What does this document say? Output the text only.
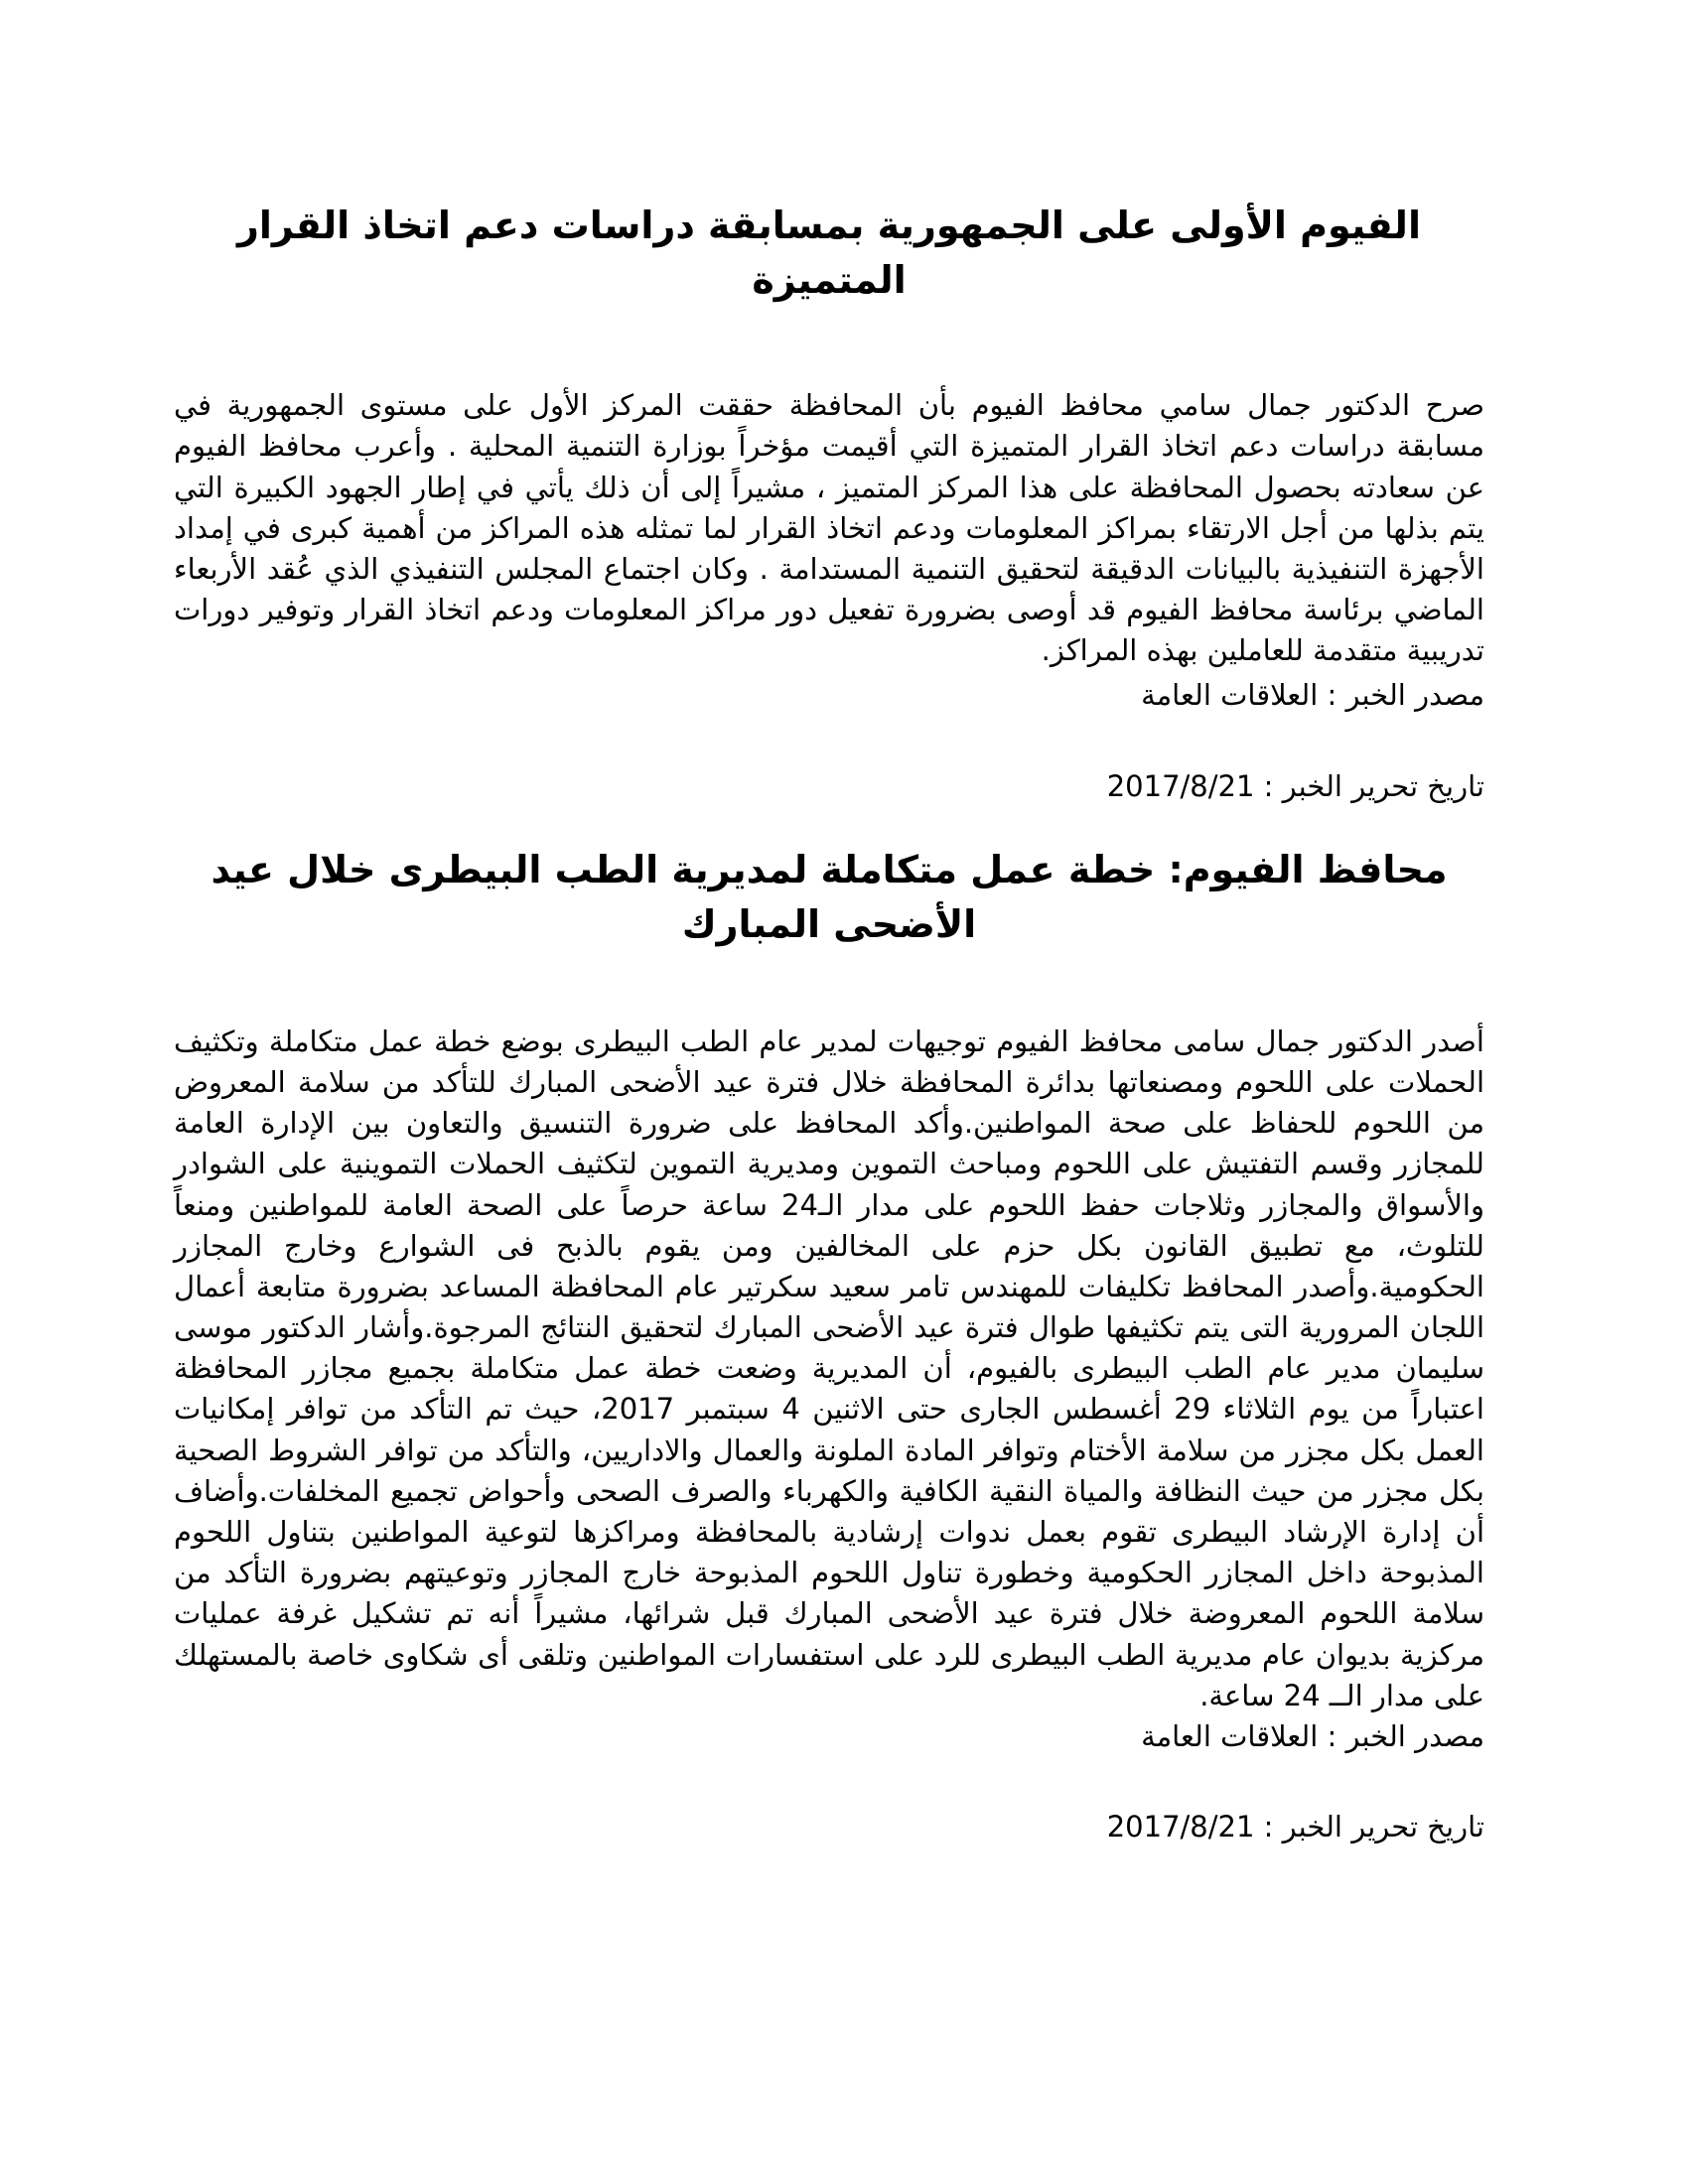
الفيوم الأولى على الجمهورية بمسابقة دراسات دعم اتخاذ القرار المتميزة

صرح الدكتور جمال سامي محافظ الفيوم بأن المحافظة حققت المركز الأول على مستوى الجمهورية في مسابقة دراسات دعم اتخاذ القرار المتميزة التي أقيمت مؤخراً بوزارة التنمية المحلية . وأعرب محافظ الفيوم عن سعادته بحصول المحافظة على هذا المركز المتميز ، مشيراً إلى أن ذلك يأتي في إطار الجهود الكبيرة التي يتم بذلها من أجل الارتقاء بمراكز المعلومات ودعم اتخاذ القرار لما تمثله هذه المراكز من أهمية كبرى في إمداد الأجهزة التنفيذية بالبيانات الدقيقة لتحقيق التنمية المستدامة . وكان اجتماع المجلس التنفيذي الذي عُقد الأربعاء الماضي برئاسة محافظ الفيوم قد أوصى بضرورة تفعيل دور مراكز المعلومات ودعم اتخاذ القرار وتوفير دورات تدريبية متقدمة للعاملين بهذه المراكز.

مصدر الخبر : العلاقات العامة

تاريخ تحرير الخبر : 2017/8/21

محافظ الفيوم: خطة عمل متكاملة لمديرية الطب البيطرى خلال عيد الأضحى المبارك

أصدر الدكتور جمال سامى محافظ الفيوم توجيهات لمدير عام الطب البيطرى بوضع خطة عمل متكاملة وتكثيف الحملات على اللحوم ومصنعاتها بدائرة المحافظة خلال فترة عيد الأضحى المبارك للتأكد من سلامة المعروض من اللحوم للحفاظ على صحة المواطنين.وأكد المحافظ على ضرورة التنسيق والتعاون بين الإدارة العامة للمجازر وقسم التفتيش على اللحوم ومباحث التموين ومديرية التموين لتكثيف الحملات التموينية على الشوادر والأسواق والمجازر وثلاجات حفظ اللحوم على مدار الـ24 ساعة حرصاً على الصحة العامة للمواطنين ومنعاً للتلوث، مع تطبيق القانون بكل حزم على المخالفين ومن يقوم بالذبح فى الشوارع وخارج المجازر الحكومية.وأصدر المحافظ تكليفات للمهندس تامر سعيد سكرتير عام المحافظة المساعد بضرورة متابعة أعمال اللجان المرورية التى يتم تكثيفها طوال فترة عيد الأضحى المبارك لتحقيق النتائج المرجوة.وأشار الدكتور موسى سليمان مدير عام الطب البيطرى بالفيوم، أن المديرية وضعت خطة عمل متكاملة بجميع مجازر المحافظة اعتباراً من يوم الثلاثاء 29 أغسطس الجارى حتى الاثنين 4 سبتمبر 2017، حيث تم التأكد من توافر إمكانيات العمل بكل مجزر من سلامة الأختام وتوافر المادة الملونة والعمال والاداريين، والتأكد من توافر الشروط الصحية بكل مجزر من حيث النظافة والمياة النقية الكافية والكهرباء والصرف الصحى وأحواض تجميع المخلفات.وأضاف أن إدارة الإرشاد البيطرى تقوم بعمل ندوات إرشادية بالمحافظة ومراكزها لتوعية المواطنين بتناول اللحوم المذبوحة داخل المجازر الحكومية وخطورة تناول اللحوم المذبوحة خارج المجازر وتوعيتهم بضرورة التأكد من سلامة اللحوم المعروضة خلال فترة عيد الأضحى المبارك قبل شرائها، مشيراً أنه تم تشكيل غرفة عمليات مركزية بديوان عام مديرية الطب البيطرى للرد على استفسارات المواطنين وتلقى أى شكاوى خاصة بالمستهلك على مدار الــ 24 ساعة.

مصدر الخبر : العلاقات العامة

تاريخ تحرير الخبر : 2017/8/21
